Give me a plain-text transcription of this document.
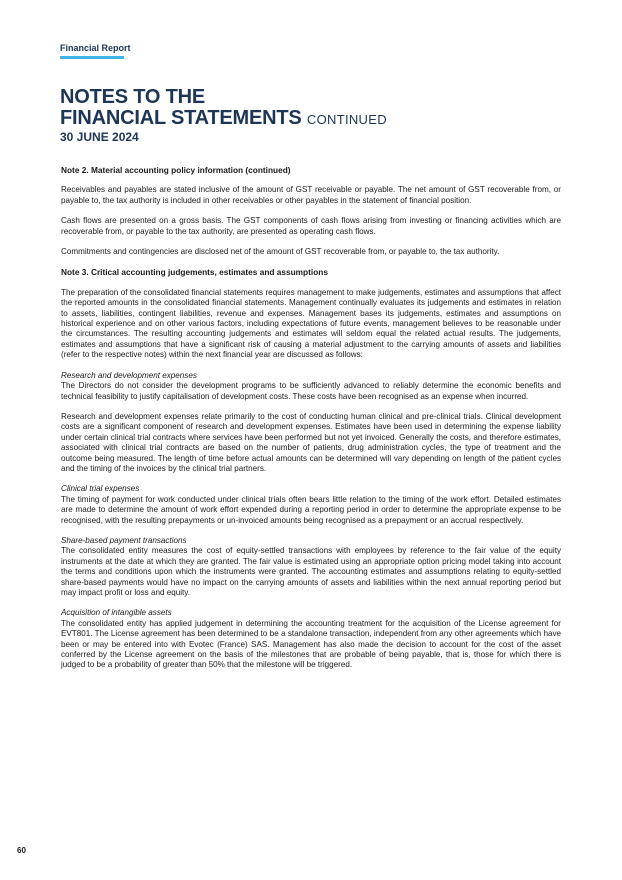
Financial Report
NOTES TO THE
FINANCIAL STATEMENTS CONTINUED
30 JUNE 2024
Note 2. Material accounting policy information (continued)

Receivables and payables are stated inclusive of the amount of GST receivable or payable. The net amount of GST recoverable from, or payable to, the tax authority is included in other receivables or other payables in the statement of financial position.

Cash flows are presented on a gross basis. The GST components of cash flows arising from investing or financing activities which are recoverable from, or payable to the tax authority, are presented as operating cash flows.

Commitments and contingencies are disclosed net of the amount of GST recoverable from, or payable to, the tax authority.

Note 3. Critical accounting judgements, estimates and assumptions

The preparation of the consolidated financial statements requires management to make judgements, estimates and assumptions that affect the reported amounts in the consolidated financial statements. Management continually evaluates its judgements and estimates in relation to assets, liabilities, contingent liabilities, revenue and expenses. Management bases its judgements, estimates and assumptions on historical experience and on other various factors, including expectations of future events, management believes to be reasonable under the circumstances. The resulting accounting judgements and estimates will seldom equal the related actual results. The judgements, estimates and assumptions that have a significant risk of causing a material adjustment to the carrying amounts of assets and liabilities (refer to the respective notes) within the next financial year are discussed as follows:

Research and development expenses

The Directors do not consider the development programs to be sufficiently advanced to reliably determine the economic benefits and technical feasibility to justify capitalisation of development costs. These costs have been recognised as an expense when incurred.

Research and development expenses relate primarily to the cost of conducting human clinical and pre-clinical trials. Clinical development costs are a significant component of research and development expenses. Estimates have been used in determining the expense liability under certain clinical trial contracts where services have been performed but not yet invoiced. Generally the costs, and therefore estimates, associated with clinical trial contracts are based on the number of patients, drug administration cycles, the type of treatment and the outcome being measured. The length of time before actual amounts can be determined will vary depending on length of the patient cycles and the timing of the invoices by the clinical trial partners.

Clinical trial expenses

The timing of payment for work conducted under clinical trials often bears little relation to the timing of the work effort. Detailed estimates are made to determine the amount of work effort expended during a reporting period in order to determine the appropriate expense to be recognised, with the resulting prepayments or un-invoiced amounts being recognised as a prepayment or an accrual respectively.

Share-based payment transactions

The consolidated entity measures the cost of equity-settled transactions with employees by reference to the fair value of the equity instruments at the date at which they are granted. The fair value is estimated using an appropriate option pricing model taking into account the terms and conditions upon which the instruments were granted. The accounting estimates and assumptions relating to equity-settled share-based payments would have no impact on the carrying amounts of assets and liabilities within the next annual reporting period but may impact profit or loss and equity.

Acquisition of intangible assets

The consolidated entity has applied judgement in determining the accounting treatment for the acquisition of the License agreement for EVT801. The License agreement has been determined to be a standalone transaction, independent from any other agreements which have been or may be entered into with Evotec (France) SAS. Management has also made the decision to account for the cost of the asset conferred by the License agreement on the basis of the milestones that are probable of being payable, that is, those for which there is judged to be a probability of greater than 50% that the milestone will be triggered.

60
